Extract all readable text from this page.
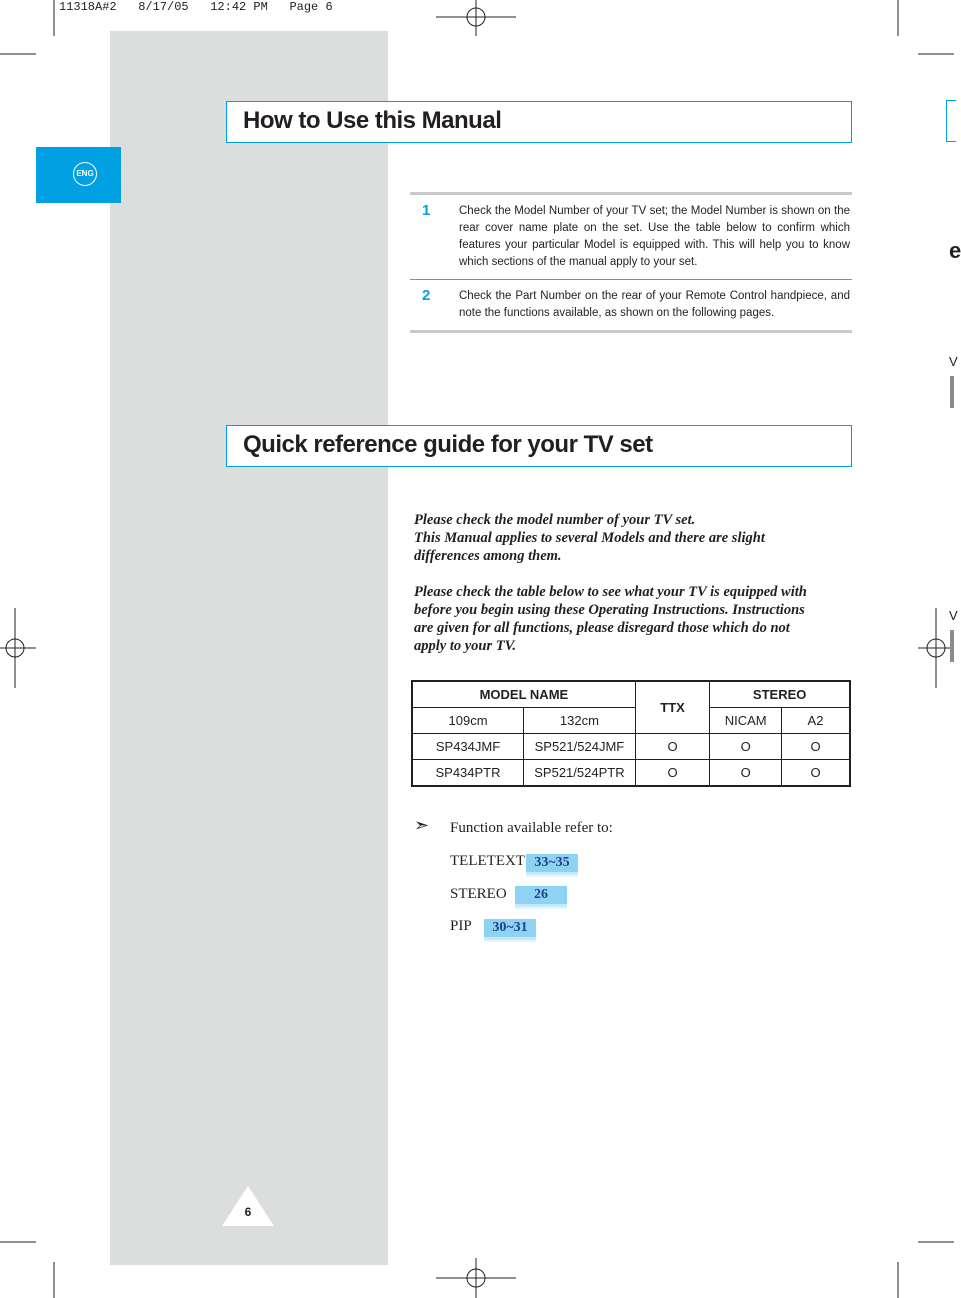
11318A#2   8/17/05   12:42 PM   Page 6
e
V
V
ENG
How to Use this Manual
1 Check the Model Number of your TV set; the Model Number is shown on the rear cover name plate on the set. Use the table below to confirm which features your particular Model is equipped with. This will help you to know which sections of the manual apply to your set.
2 Check the Part Number on the rear of your Remote Control handpiece, and note the functions available, as shown on the following pages.
Quick reference guide for your TV set

Please check the model number of your TV set.

This Manual applies to several Models and there are slight

differences among them.

Please check the table below to see what your TV is equipped with

before you begin using these Operating Instructions. Instructions

are given for all functions, please disregard those which do not

apply to your TV.

MODEL NAME		TTX	STEREO	
109cm	132cm		NICAM	A2
SP434JMF	SP521/524JMF	O	O	O
SP434PTR	SP521/524PTR	O	O	O
➣ Function available refer to:
TELETEXT 33~35
STEREO	26
PIP	30~31
6
